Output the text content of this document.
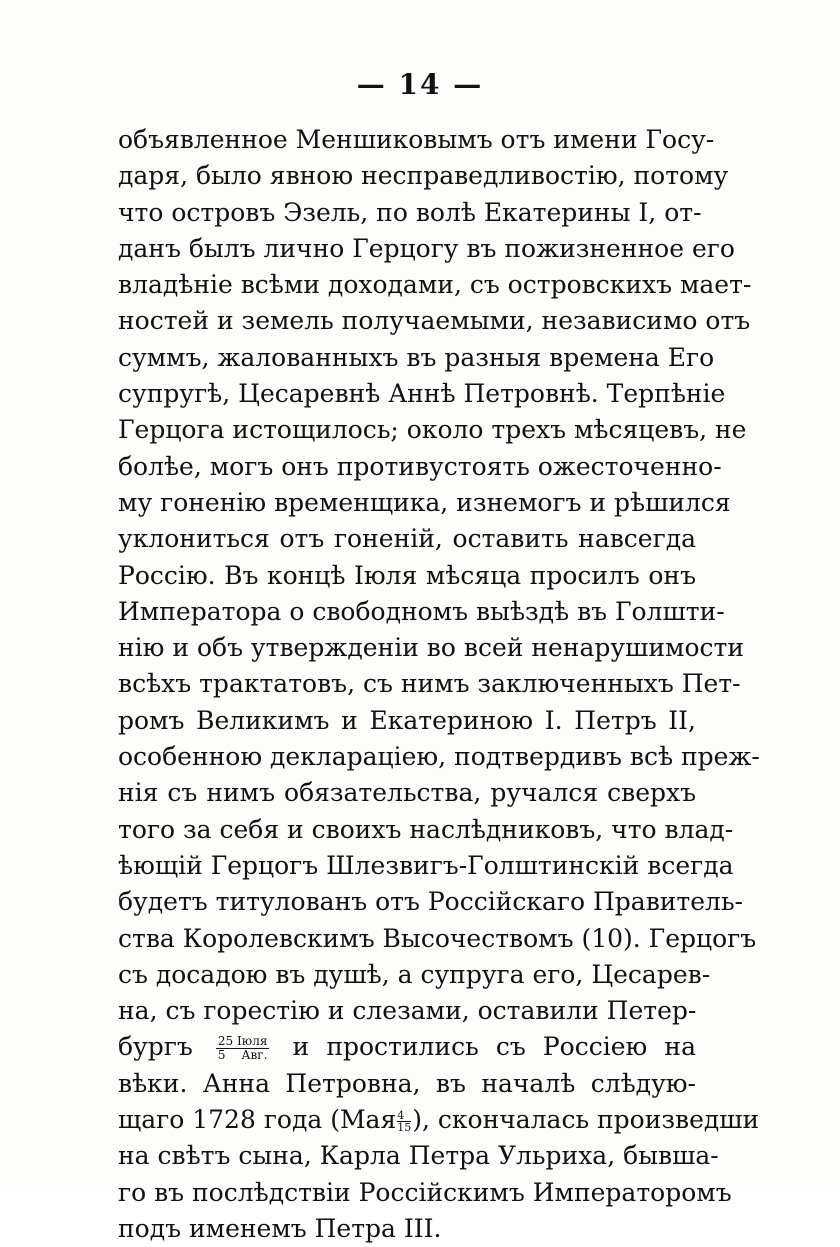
— 14 —
объявленное Меншиковымъ отъ имени Госу-
даря, было явною несправедливостію, потому
что островъ Эзель, по волѣ Екатерины I, от-
данъ былъ лично Герцогу въ пожизненное его
владѣніе всѣми доходами, съ островскихъ мает-
ностей и земель получаемыми, независимо отъ
суммъ, жалованныхъ въ разныя времена Его
супругѣ, Цесаревнѣ Аннѣ Петровнѣ. Терпѣніе
Герцога истощилось; около трехъ мѣсяцевъ, не
болѣе, могъ онъ противустоять ожесточенно-
му гоненію временщика, изнемогъ и рѣшился
уклониться отъ гоненій, оставить навсегда
Россію. Въ концѣ Іюля мѣсяца просилъ онъ
Императора о свободномъ выѣздѣ въ Голшти-
нію и объ утвержденіи во всей ненарушимости
всѣхъ трактатовъ, съ нимъ заключенныхъ Пет-
ромъ Великимъ и Екатериною I. Петръ II,
особенною деклараціею, подтвердивъ всѣ преж-
нія съ нимъ обязательства, ручался сверхъ
того за себя и своихъ наслѣдниковъ, что влад-
ѣющій Герцогъ Шлезвигъ-Голштинскій всегда
будетъ титулованъ отъ Россійскаго Правитель-
ства Королевскимъ Высочествомъ (10). Герцогъ
съ досадою въ душѣ, а супруга его, Цесарев-
на, съ горестію и слезами, оставили Петер-
бургъ $\frac{\text{25 Іюля}}{\text{5 Авг.}}$ и простились съ Россіею на
вѣки. Анна Петровна, въ началѣ слѣдую-
щаго 1728 года ($Мая \frac{4}{15}$ ), скончалась произведши
на свѣтъ сына, Карла Петра Ульриха, бывша-
го въ послѣдствіи Россійскимъ Императоромъ
подъ именемъ Петра III.
